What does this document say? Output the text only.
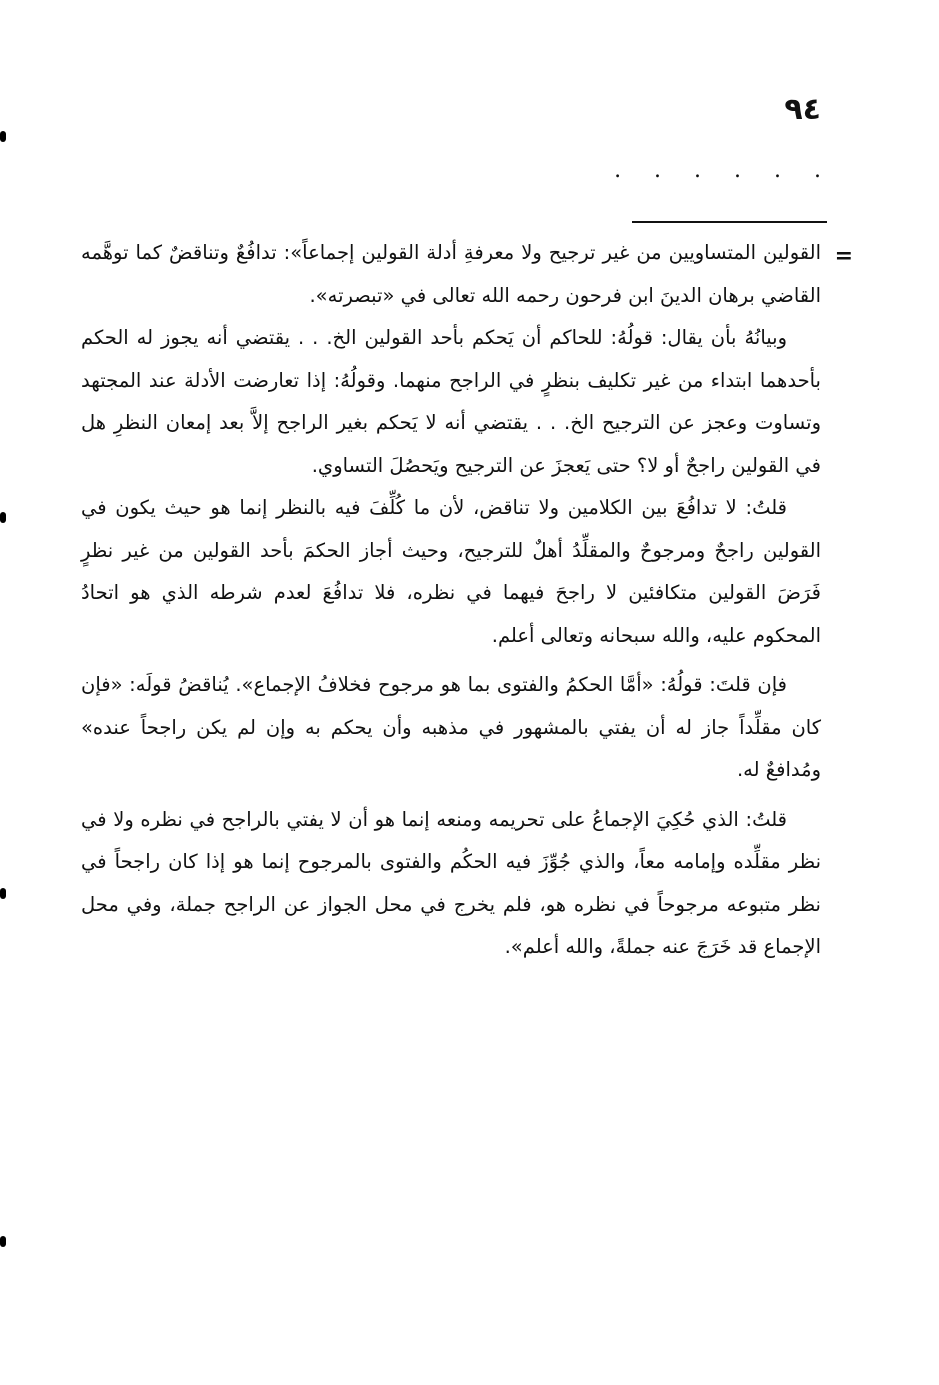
٩٤
. . . . . .
=

القولين المتساويين من غير ترجيح ولا معرفةِ أدلة القولين إجماعاً»: تدافُعٌ وتناقضٌ كما توهَّمه القاضي برهان الدينَ ابن فرحون رحمه الله تعالى في «تبصرته».

وبيانُهُ بأن يقال: قولُهُ: للحاكم أن يَحكم بأحد القولين الخ. . . يقتضي أنه يجوز له الحكم بأحدهما ابتداء من غير تكليف بنظرٍ في الراجح منهما. وقولُهُ: إذا تعارضت الأدلة عند المجتهد وتساوت وعجز عن الترجيح الخ. . . يقتضي أنه لا يَحكم بغير الراجح إلاَّ بعد إمعان النظرِ هل في القولين راجحٌ أو لا؟ حتى يَعجزَ عن الترجيح ويَحصُلَ التساوي.

قلتُ: لا تدافُعَ بين الكلامين ولا تناقض، لأن ما كُلِّفَ فيه بالنظر إنما هو حيث يكون في القولين راجحٌ ومرجوحٌ والمقلِّدُ أهلٌ للترجيح، وحيث أجاز الحكمَ بأحد القولين من غير نظرٍ فَرَضَ القولين متكافئين لا راجحَ فيهما في نظره، فلا تدافُعَ لعدم شرطه الذي هو اتحادُ المحكوم عليه، والله سبحانه وتعالى أعلم.

فإن قلتَ: قولُهُ: «أمَّا الحكمُ والفتوى بما هو مرجوح فخلافُ الإجماع». يُناقضُ قولَه: «فإن كان مقلِّداً جاز له أن يفتي بالمشهور في مذهبه وأن يحكم به وإن لم يكن راجحاً عنده» ومُدافعٌ له.

قلتُ: الذي حُكِيَ الإجماعُ على تحريمه ومنعه إنما هو أن لا يفتي بالراجح في نظره ولا في نظر مقلِّده وإمامه معاً، والذي جُوِّزَ فيه الحكُم والفتوى بالمرجوح إنما هو إذا كان راجحاً في نظر متبوعه مرجوحاً في نظره هو، فلم يخرج في محل الجواز عن الراجح جملة، وفي محل الإجماع قد خَرَجَ عنه جملةً، والله أعلم».
